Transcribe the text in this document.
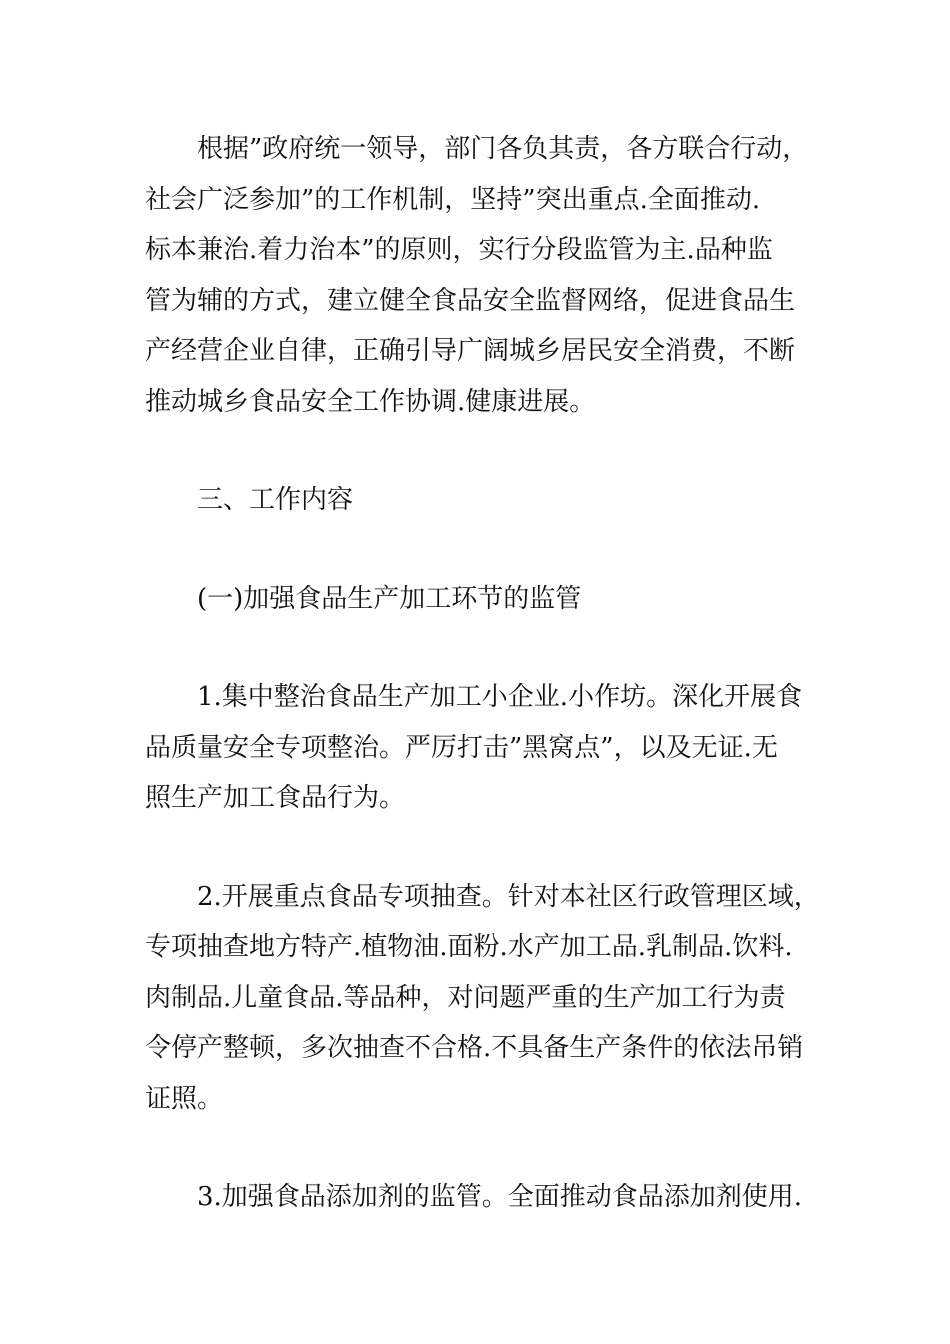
根据”政府统一领导，部门各负其责，各方联合行动，
社会广泛参加”的工作机制，坚持”突出重点.全面推动.
标本兼治.着力治本”的原则，实行分段监管为主.品种监
管为辅的方式，建立健全食品安全监督网络，促进食品生
产经营企业自律，正确引导广阔城乡居民安全消费，不断
推动城乡食品安全工作协调.健康进展。
三、工作内容
(一)加强食品生产加工环节的监管
1.集中整治食品生产加工小企业.小作坊。深化开展食
品质量安全专项整治。严厉打击”黑窝点”，以及无证.无
照生产加工食品行为。
2.开展重点食品专项抽查。针对本社区行政管理区域，
专项抽查地方特产.植物油.面粉.水产加工品.乳制品.饮料.
肉制品.儿童食品.等品种，对问题严重的生产加工行为责
令停产整顿，多次抽查不合格.不具备生产条件的依法吊销
证照。
3.加强食品添加剂的监管。全面推动食品添加剂使用.
